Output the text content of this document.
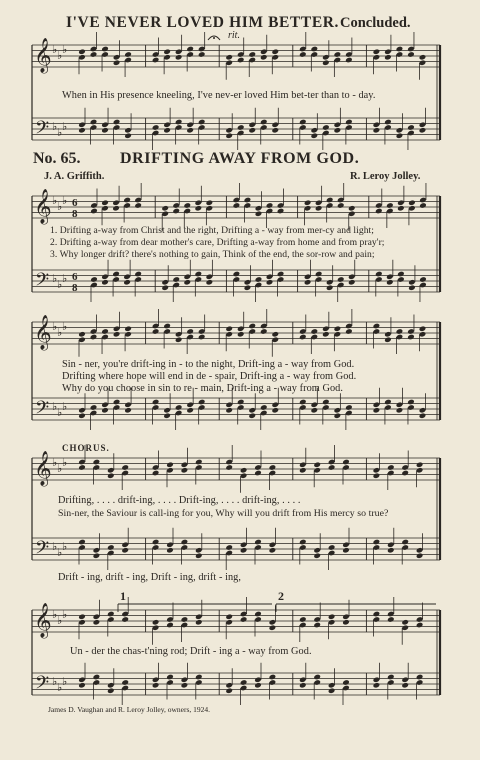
I'VE NEVER LOVED HIM BETTER. Concluded.
rit.
When in His presence kneeling, I've nev-er loved Him bet-ter than to - day.
No. 65. DRIFTING AWAY FROM GOD.
J. A. Griffith.	R. Leroy Jolley.
1. Drifting a-way from Christ and the right, Drifting a - way from mer-cy and light;
2. Drifting a-way from dear mother's care, Drifting a-way from home and from pray'r;
3. Why longer drift? there's nothing to gain, Think of the end, the sor-row and pain;
Sin - ner, you're drift-ing in - to the night, Drift-ing a - way from God.
Drifting where hope will end in de - spair, Drift-ing a - way from God.
Why do you choose in sin to re - main, Drift-ing a - way from God.
CHORUS.
Drifting, . . . . drift-ing, . . . . Drift-ing, . . . . drift-ing, . . . .
Sin-ner, the Saviour is call-ing for you, Why will you drift from His mercy so true?
Drift - ing, drift - ing, Drift - ing, drift - ing,
1	2
Un - der the chas-t'ning rod; Drift - ing a - way from God.
James D. Vaughan and R. Leroy Jolley, owners, 1924.
𝄞
𝄢
♭ ♭ ♭
♭ ♭ ♭
𝄞
𝄢
♭ ♭ ♭
♭ ♭ ♭
6
8
6
8
𝄞
𝄢
♭ ♭ ♭
♭ ♭ ♭
𝄞
𝄢
♭ ♭ ♭
♭ ♭ ♭
𝄞
𝄢
♭ ♭ ♭
♭ ♭ ♭
